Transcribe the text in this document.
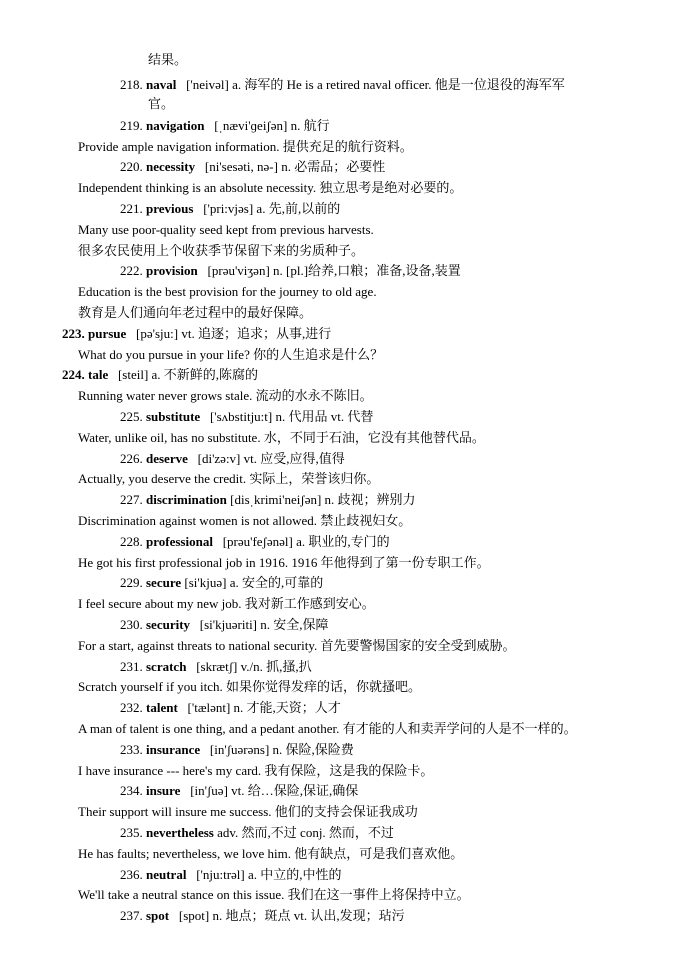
结果。
218. naval ['neivəl] a. 海军的 He is a retired naval officer. 他是一位退役的海军军
官。
219. navigation [ˌnævi'ɡeiʃən] n. 航行
Provide ample navigation information. 提供充足的航行资料。
220. necessity [ni'sesəti, nə-] n. 必需品；必要性
Independent thinking is an absolute necessity. 独立思考是绝对必要的。
221. previous ['pri:vjəs] a. 先,前,以前的
Many use poor-quality seed kept from previous harvests.
很多农民使用上个收获季节保留下来的劣质种子。
222. provision [prəu'viʒən] n. [pl.]给养,口粮；准备,设备,装置
Education is the best provision for the journey to old age.
教育是人们通向年老过程中的最好保障。
223. pursue [pə'sju:] vt. 追逐；追求；从事,进行
What do you pursue in your life? 你的人生追求是什么？
224. tale [steil] a. 不新鲜的,陈腐的
Running water never grows stale. 流动的水永不陈旧。
225. substitute ['sʌbstitju:t] n. 代用品 vt. 代替
Water, unlike oil, has no substitute. 水，不同于石油，它没有其他替代品。
226. deserve [di'zə:v] vt. 应受,应得,值得
Actually, you deserve the credit. 实际上，荣誉该归你。
227. discrimination [disˌkrimi'neiʃən] n. 歧视；辨别力
Discrimination against women is not allowed. 禁止歧视妇女。
228. professional [prəu'feʃənəl] a. 职业的,专门的
He got his first professional job in 1916. 1916 年他得到了第一份专职工作。
229. secure [si'kjuə] a. 安全的,可靠的
I feel secure about my new job. 我对新工作感到安心。
230. security [si'kjuəriti] n. 安全,保障
For a start, against threats to national security. 首先要警惕国家的安全受到威胁。
231. scratch [skrætʃ] v./n. 抓,搔,扒
Scratch yourself if you itch. 如果你觉得发痒的话，你就搔吧。
232. talent ['tælənt] n. 才能,天资；人才
A man of talent is one thing, and a pedant another. 有才能的人和卖弄学问的人是不一样的。
233. insurance [in'ʃuərəns] n. 保险,保险费
I have insurance --- here's my card. 我有保险，这是我的保险卡。
234. insure [in'ʃuə] vt. 给…保险,保证,确保
Their support will insure me success. 他们的支持会保证我成功
235. nevertheless adv. 然而,不过 conj. 然而，不过
He has faults; nevertheless, we love him. 他有缺点，可是我们喜欢他。
236. neutral ['nju:trəl] a. 中立的,中性的
We'll take a neutral stance on this issue. 我们在这一事件上将保持中立。
237. spot [spot] n. 地点；斑点 vt. 认出,发现；玷污
